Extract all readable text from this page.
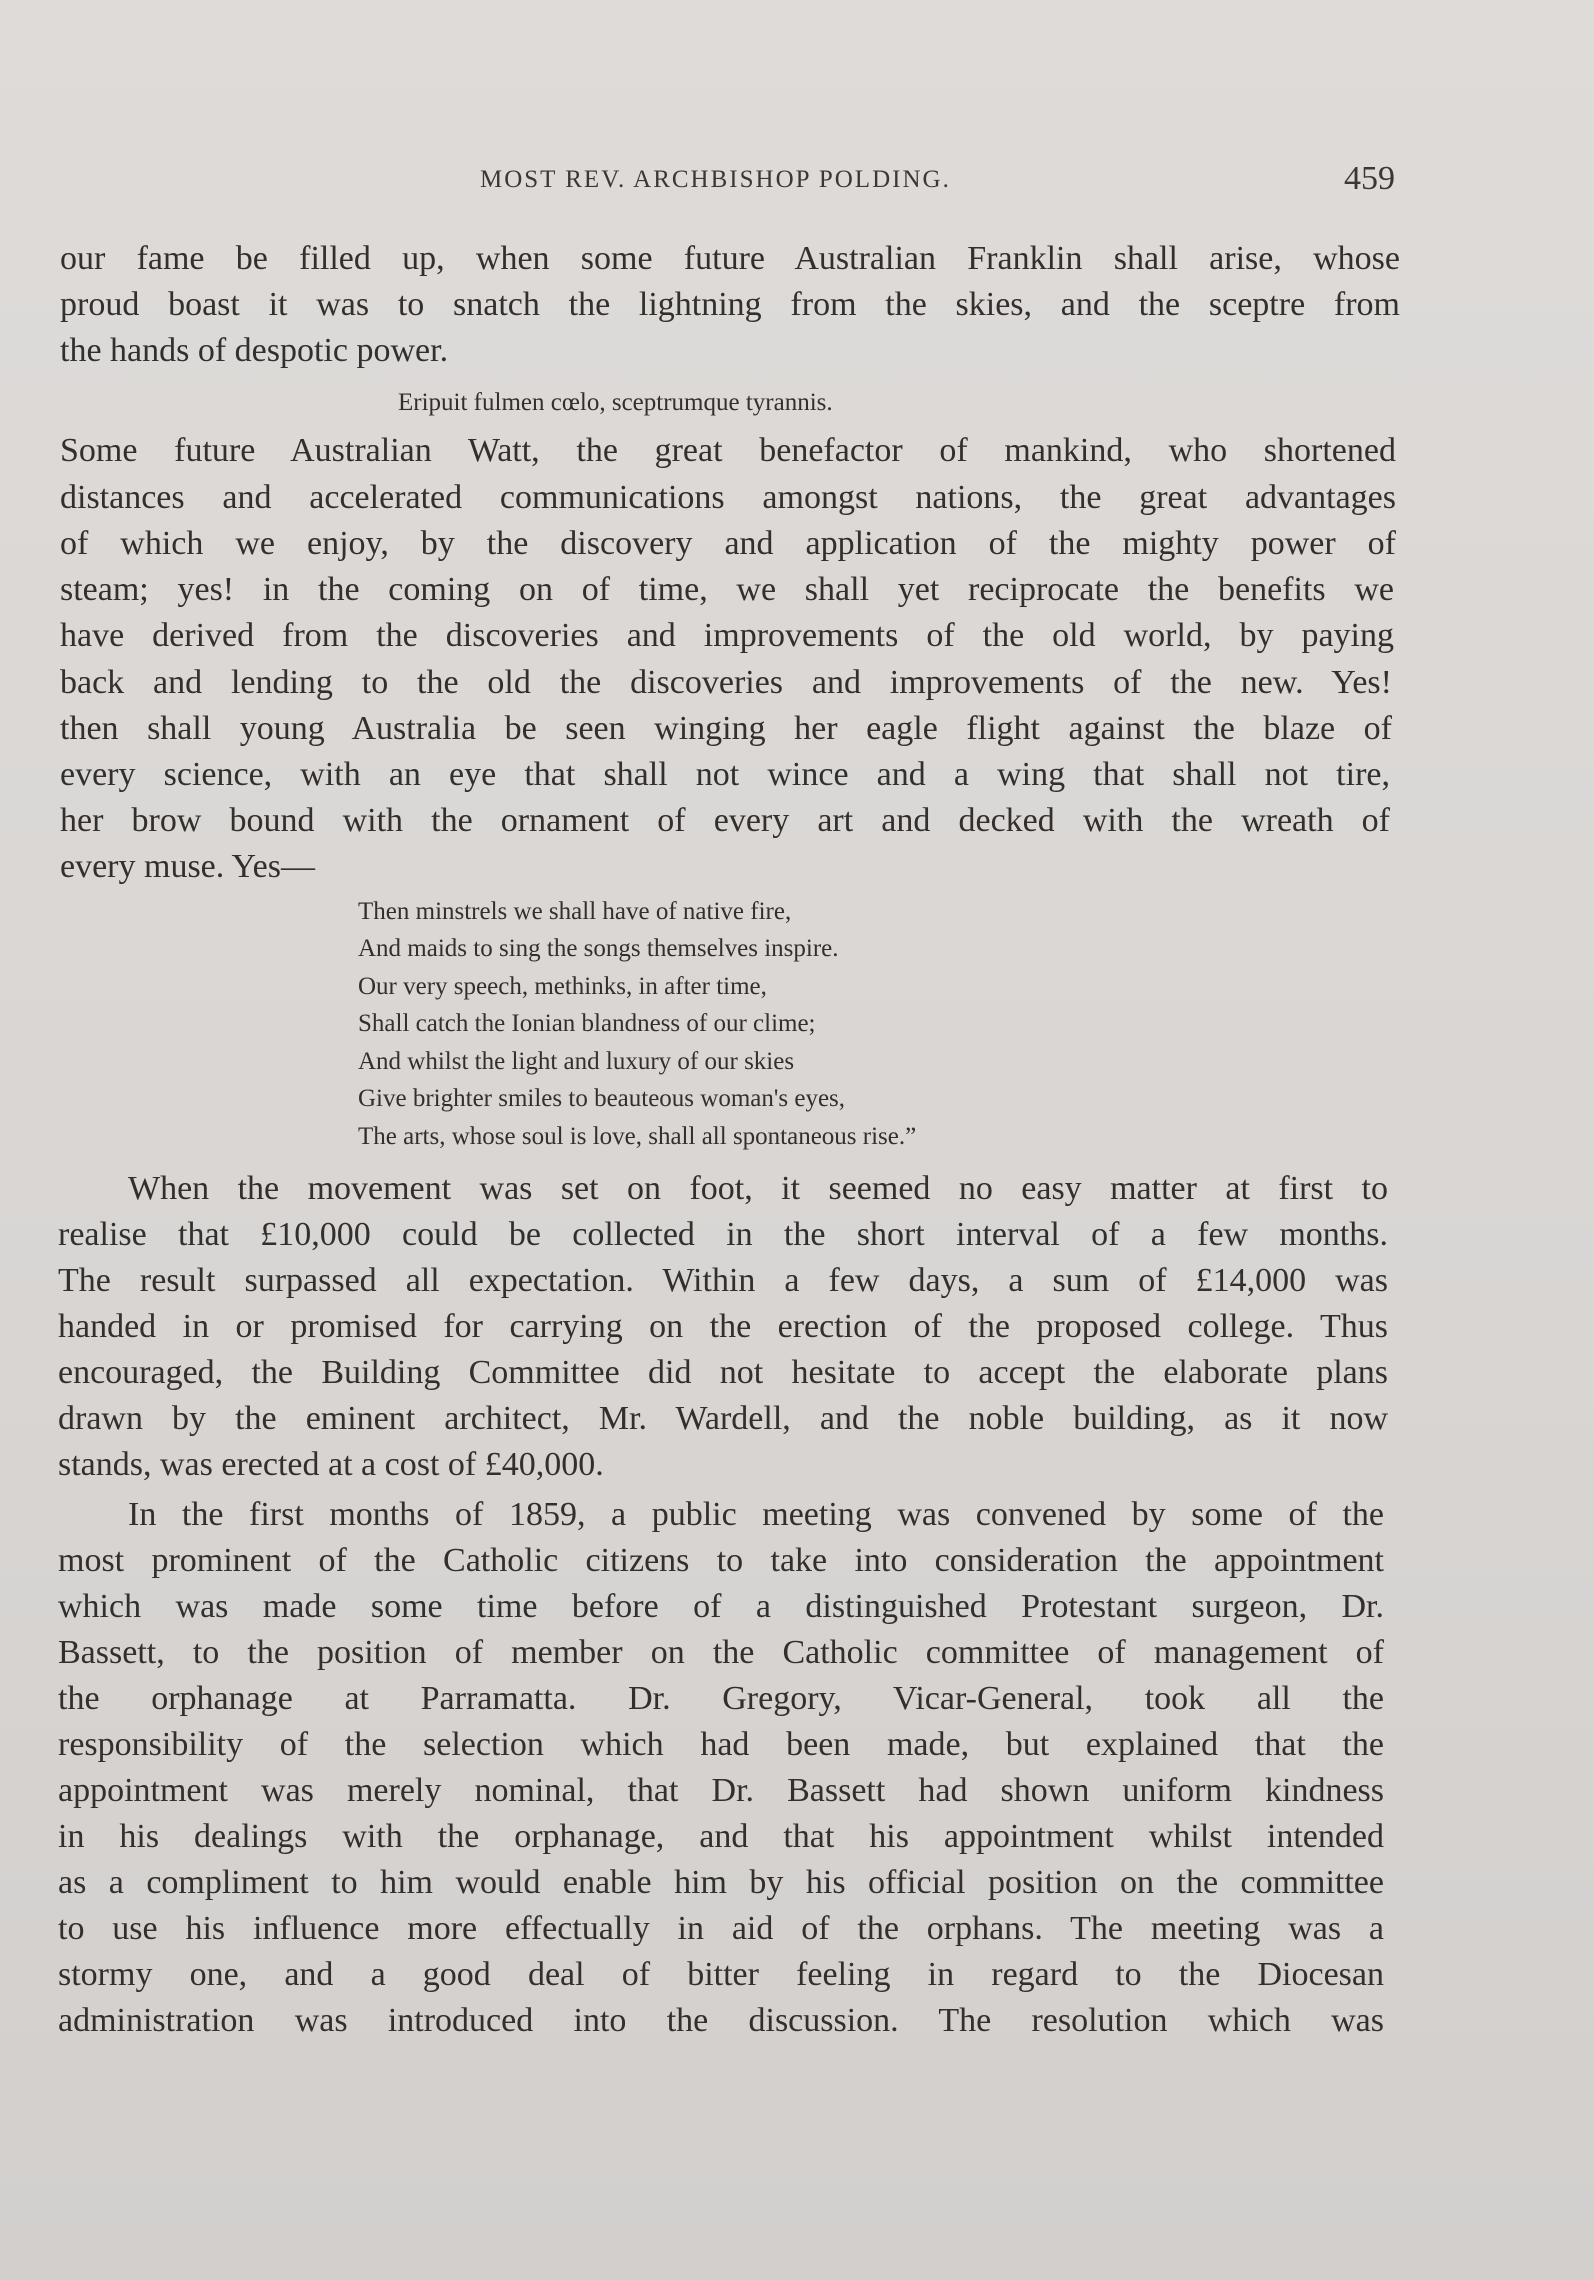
MOST REV. ARCHBISHOP POLDING.	459
our fame be filled up, when some future Australian Franklin shall arise, whose
proud boast it was to snatch the lightning from the skies, and the sceptre from
the hands of despotic power.
Eripuit fulmen cœlo, sceptrumque tyrannis.
Some future Australian Watt, the great benefactor of mankind, who shortened
distances and accelerated communications amongst nations, the great advantages
of which we enjoy, by the discovery and application of the mighty power of
steam; yes! in the coming on of time, we shall yet reciprocate the benefits we
have derived from the discoveries and improvements of the old world, by paying
back and lending to the old the discoveries and improvements of the new. Yes!
then shall young Australia be seen winging her eagle flight against the blaze of
every science, with an eye that shall not wince and a wing that shall not tire,
her brow bound with the ornament of every art and decked with the wreath of
every muse. Yes—
Then minstrels we shall have of native fire,
And maids to sing the songs themselves inspire.
Our very speech, methinks, in after time,
Shall catch the Ionian blandness of our clime;
And whilst the light and luxury of our skies
Give brighter smiles to beauteous woman's eyes,
The arts, whose soul is love, shall all spontaneous rise.”
When the movement was set on foot, it seemed no easy matter at first to
realise that £10,000 could be collected in the short interval of a few months.
The result surpassed all expectation. Within a few days, a sum of £14,000 was
handed in or promised for carrying on the erection of the proposed college. Thus
encouraged, the Building Committee did not hesitate to accept the elaborate plans
drawn by the eminent architect, Mr. Wardell, and the noble building, as it now
stands, was erected at a cost of £40,000.
In the first months of 1859, a public meeting was convened by some of the
most prominent of the Catholic citizens to take into consideration the appointment
which was made some time before of a distinguished Protestant surgeon, Dr.
Bassett, to the position of member on the Catholic committee of management of
the orphanage at Parramatta. Dr. Gregory, Vicar-General, took all the
responsibility of the selection which had been made, but explained that the
appointment was merely nominal, that Dr. Bassett had shown uniform kindness
in his dealings with the orphanage, and that his appointment whilst intended
as a compliment to him would enable him by his official position on the committee
to use his influence more effectually in aid of the orphans. The meeting was a
stormy one, and a good deal of bitter feeling in regard to the Diocesan
administration was introduced into the discussion. The resolution which was
